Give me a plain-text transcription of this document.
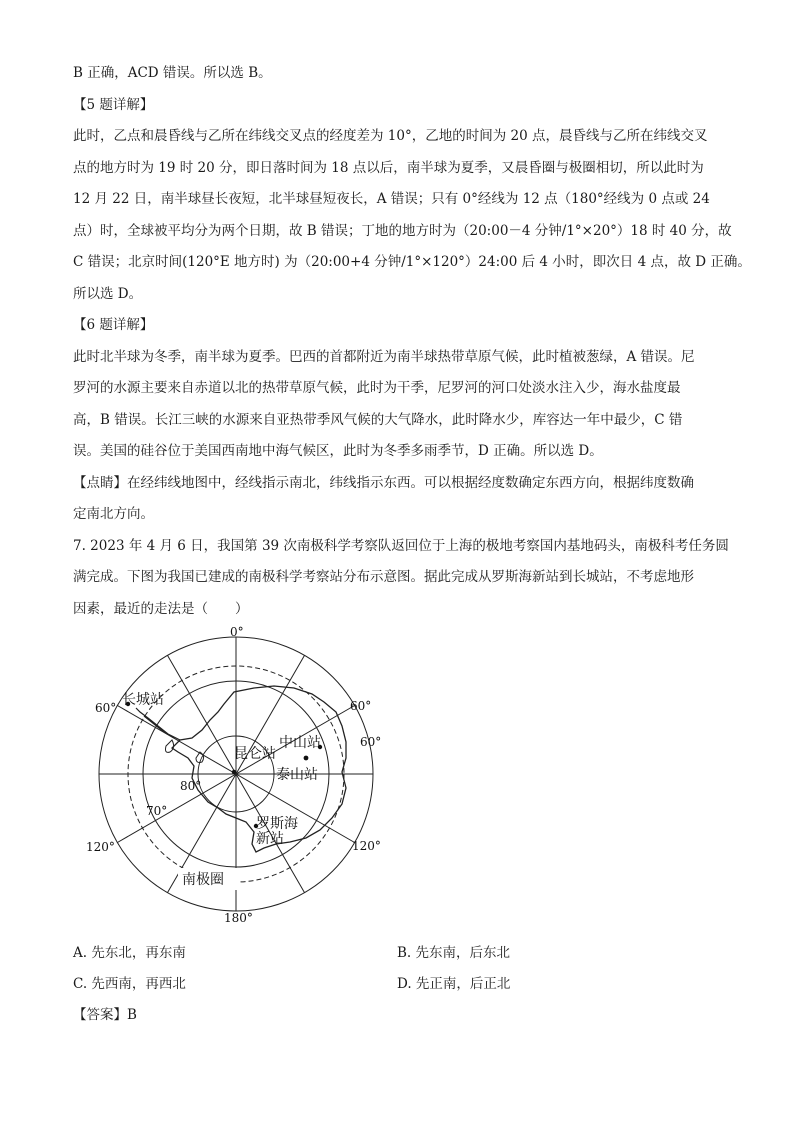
B 正确，ACD 错误。所以选 B。
【5 题详解】
此时，乙点和晨昏线与乙所在纬线交叉点的经度差为 10°，乙地的时间为 20 点，晨昏线与乙所在纬线交叉
点的地方时为 19 时 20 分，即日落时间为 18 点以后，南半球为夏季，又晨昏圈与极圈相切，所以此时为
12 月 22 日，南半球昼长夜短，北半球昼短夜长，A 错误；只有 0°经线为 12 点（180°经线为 0 点或 24
点）时，全球被平均分为两个日期，故 B 错误；丁地的地方时为（20:00－4 分钟/1°×20°）18 时 40 分，故
C 错误；北京时间(120°E 地方时) 为（20:00+4 分钟/1°×120°）24:00 后 4 小时，即次日 4 点，故 D 正确。
所以选 D。
【6 题详解】
此时北半球为冬季，南半球为夏季。巴西的首都附近为南半球热带草原气候，此时植被葱绿，A 错误。尼
罗河的水源主要来自赤道以北的热带草原气候，此时为干季，尼罗河的河口处淡水注入少，海水盐度最
高，B 错误。长江三峡的水源来自亚热带季风气候的大气降水，此时降水少，库容达一年中最少，C 错
误。美国的硅谷位于美国西南地中海气候区，此时为冬季多雨季节，D 正确。所以选 D。
【点睛】在经纬线地图中，经线指示南北，纬线指示东西。可以根据经度数确定东西方向，根据纬度数确
定南北方向。
7. 2023 年 4 月 6 日，我国第 39 次南极科学考察队返回位于上海的极地考察国内基地码头，南极科考任务圆
满完成。下图为我国已建成的南极科学考察站分布示意图。据此完成从罗斯海新站到长城站，不考虑地形
因素，最近的走法是（　　）
0°
180°
60°	60°
60°
120°	120°
80°
70°
长城站
昆仑站
中山站
泰山站
罗斯海
新站
南极圈
A. 先东北，再东南	B. 先东南，后东北
C. 先西南，再西北	D. 先正南，后正北
【答案】B
